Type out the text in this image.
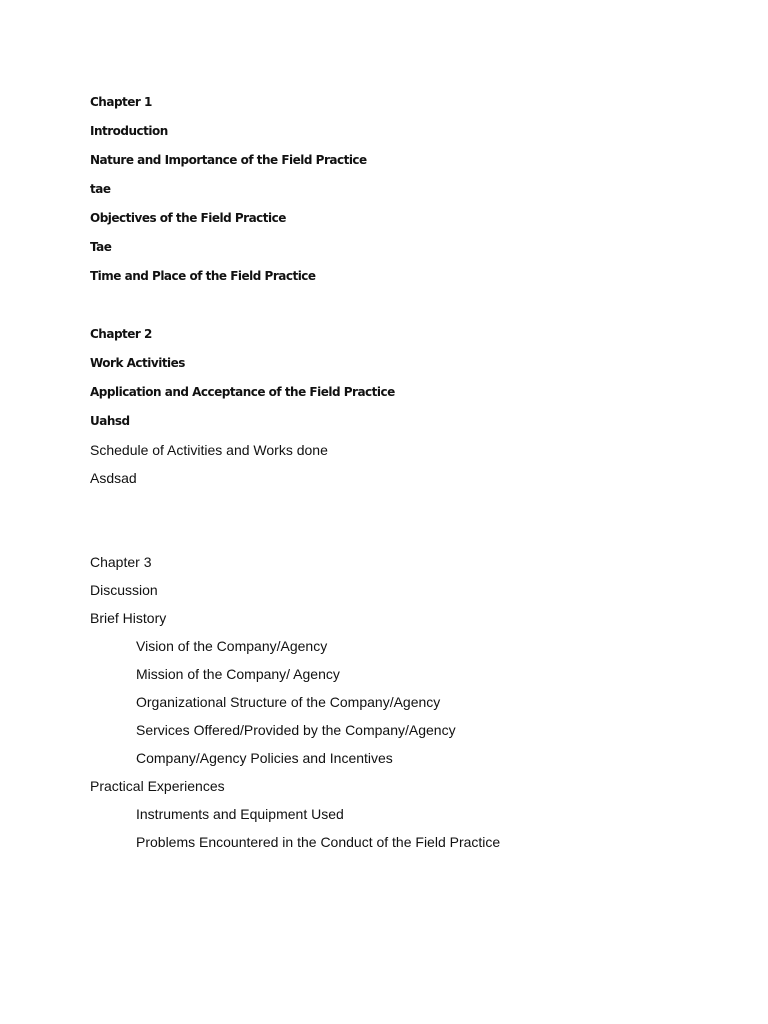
Chapter 1
Introduction
Nature and Importance of the Field Practice
tae
Objectives of the Field Practice
Tae
Time and Place of the Field Practice
Chapter 2
Work Activities
Application and Acceptance of the Field Practice
Uahsd
Schedule of Activities and Works done
Asdsad
Chapter 3
Discussion
Brief History
Vision of the Company/Agency
Mission of the Company/ Agency
Organizational Structure of the Company/Agency
Services Offered/Provided by the Company/Agency
Company/Agency Policies and Incentives
Practical Experiences
Instruments and Equipment Used
Problems Encountered in the Conduct of the Field Practice
